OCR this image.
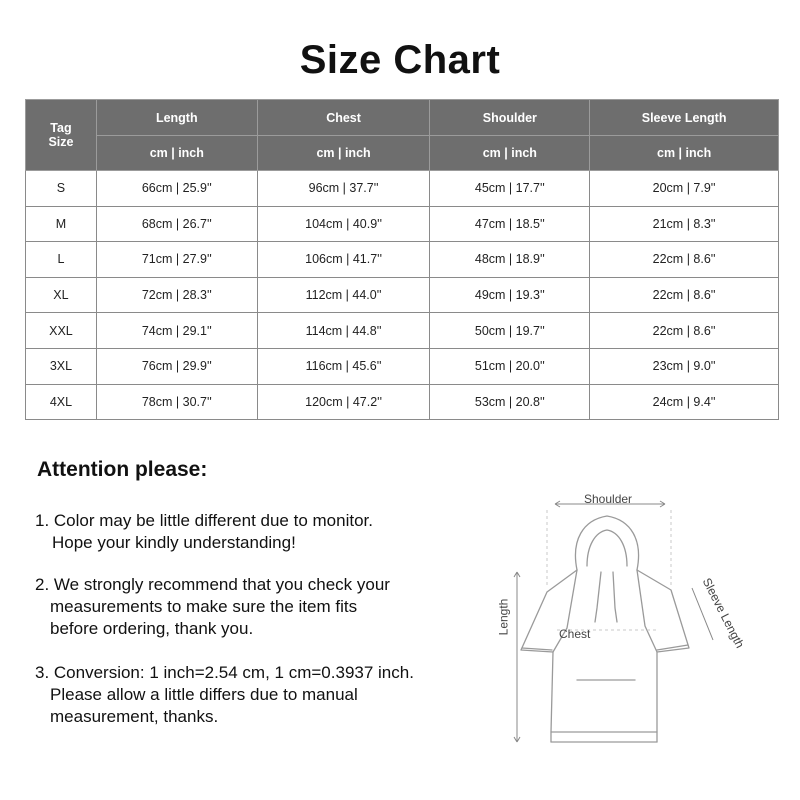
Size Chart
Tag
Size	Length	Chest	Shoulder	Sleeve Length
	cm | inch	cm | inch	cm | inch	cm | inch
S	66cm | 25.9''	96cm | 37.7''	45cm | 17.7''	20cm | 7.9''
M	68cm | 26.7''	104cm | 40.9''	47cm | 18.5''	21cm | 8.3''
L	71cm | 27.9''	106cm | 41.7''	48cm | 18.9''	22cm | 8.6''
XL	72cm | 28.3''	112cm | 44.0''	49cm | 19.3''	22cm | 8.6''
XXL	74cm | 29.1''	114cm | 44.8''	50cm | 19.7''	22cm | 8.6''
3XL	76cm | 29.9''	116cm | 45.6''	51cm | 20.0''	23cm | 9.0''
4XL	78cm | 30.7''	120cm | 47.2''	53cm | 20.8''	24cm | 9.4''
Attention please:
1. Color may be little different due to monitor.
Hope your kindly understanding!
2. We strongly recommend that you check your
measurements to make sure the item fits
before ordering, thank you.
3. Conversion: 1 inch=2.54 cm, 1 cm=0.3937 inch.
Please allow a little differs due to manual
measurement, thanks.
Shoulder
Chest
Length	Sleeve Length
